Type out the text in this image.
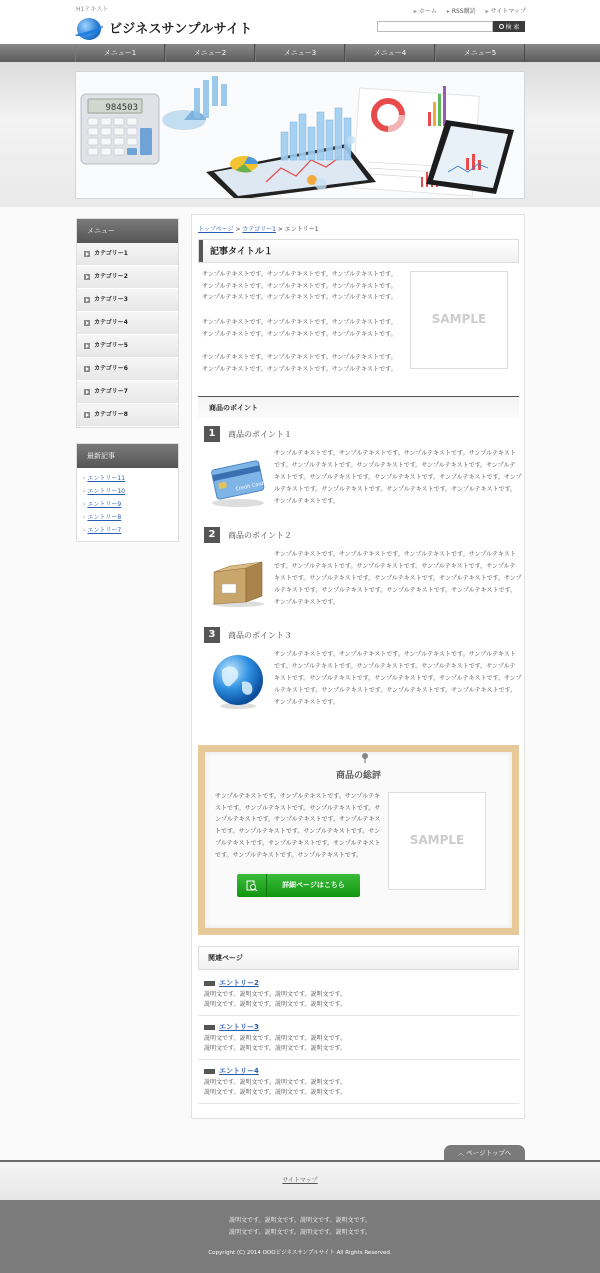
H1テキスト
ビジネスサンプルサイト
▸ ホーム ▸ RSS購読 ▸ サイトマップ
検 索
メニュー1	メニュー2	メニュー3	メニュー4	メニュー5
984503
メニュー
カテゴリー1
カテゴリー2
カテゴリー3
カテゴリー4
カテゴリー5
カテゴリー6
カテゴリー7
カテゴリー8
最新記事
› エントリー11
› エントリー10
› エントリー9
› エントリー8
› エントリー7
トップページ > カテゴリー1 > エントリー1
記事タイトル１
サンプルテキストです。サンプルテキストです。サンプルテキストです。
サンプルテキストです。サンプルテキストです。サンプルテキストです。
サンプルテキストです。サンプルテキストです。サンプルテキストです。
サンプルテキストです。サンプルテキストです。サンプルテキストです。
サンプルテキストです。サンプルテキストです。サンプルテキストです。
サンプルテキストです。サンプルテキストです。サンプルテキストです。
サンプルテキストです。サンプルテキストです。サンプルテキストです。
SAMPLE
商品のポイント
1	商品のポイント１
Credit Card
サンプルテキストです。サンプルテキストです。サンプルテキストです。サンプルテキスト
です。サンプルテキストです。サンプルテキストです。サンプルテキストです。サンプルテ
キストです。サンプルテキストです。サンプルテキストです。サンプルテキストです。サンプ
ルテキストです。サンプルテキストです。サンプルテキストです。サンプルテキストです。
サンプルテキストです。
2	商品のポイント２
サンプルテキストです。サンプルテキストです。サンプルテキストです。サンプルテキスト
です。サンプルテキストです。サンプルテキストです。サンプルテキストです。サンプルテ
キストです。サンプルテキストです。サンプルテキストです。サンプルテキストです。サンプ
ルテキストです。サンプルテキストです。サンプルテキストです。サンプルテキストです。
サンプルテキストです。
3	商品のポイント３
サンプルテキストです。サンプルテキストです。サンプルテキストです。サンプルテキスト
です。サンプルテキストです。サンプルテキストです。サンプルテキストです。サンプルテ
キストです。サンプルテキストです。サンプルテキストです。サンプルテキストです。サンプ
ルテキストです。サンプルテキストです。サンプルテキストです。サンプルテキストです。
サンプルテキストです。
商品の総評
サンプルテキストです。サンプルテキストです。サンプルテキ
ストです。サンプルテキストです。サンプルテキストです。サ
ンプルテキストです。サンプルテキストです。サンプルテキス
トです。サンプルテキストです。サンプルテキストです。サン
プルテキストです。サンプルテキストです。サンプルテキスト
です。サンプルテキストです。サンプルテキストです。
SAMPLE
詳細ページはこちら
関連ページ
エントリー2
説明文です。説明文です。説明文です。説明文です。
説明文です。説明文です。説明文です。説明文です。
エントリー3
説明文です。説明文です。説明文です。説明文です。
説明文です。説明文です。説明文です。説明文です。
エントリー4
説明文です。説明文です。説明文です。説明文です。
説明文です。説明文です。説明文です。説明文です。
︿ ページトップへ
サイトマップ
説明文です。説明文です。説明文です。説明文です。
説明文です。説明文です。説明文です。説明文です。
Copyright (C) 2014 OOOビジネスサンプルサイト All Rights Reserved.
